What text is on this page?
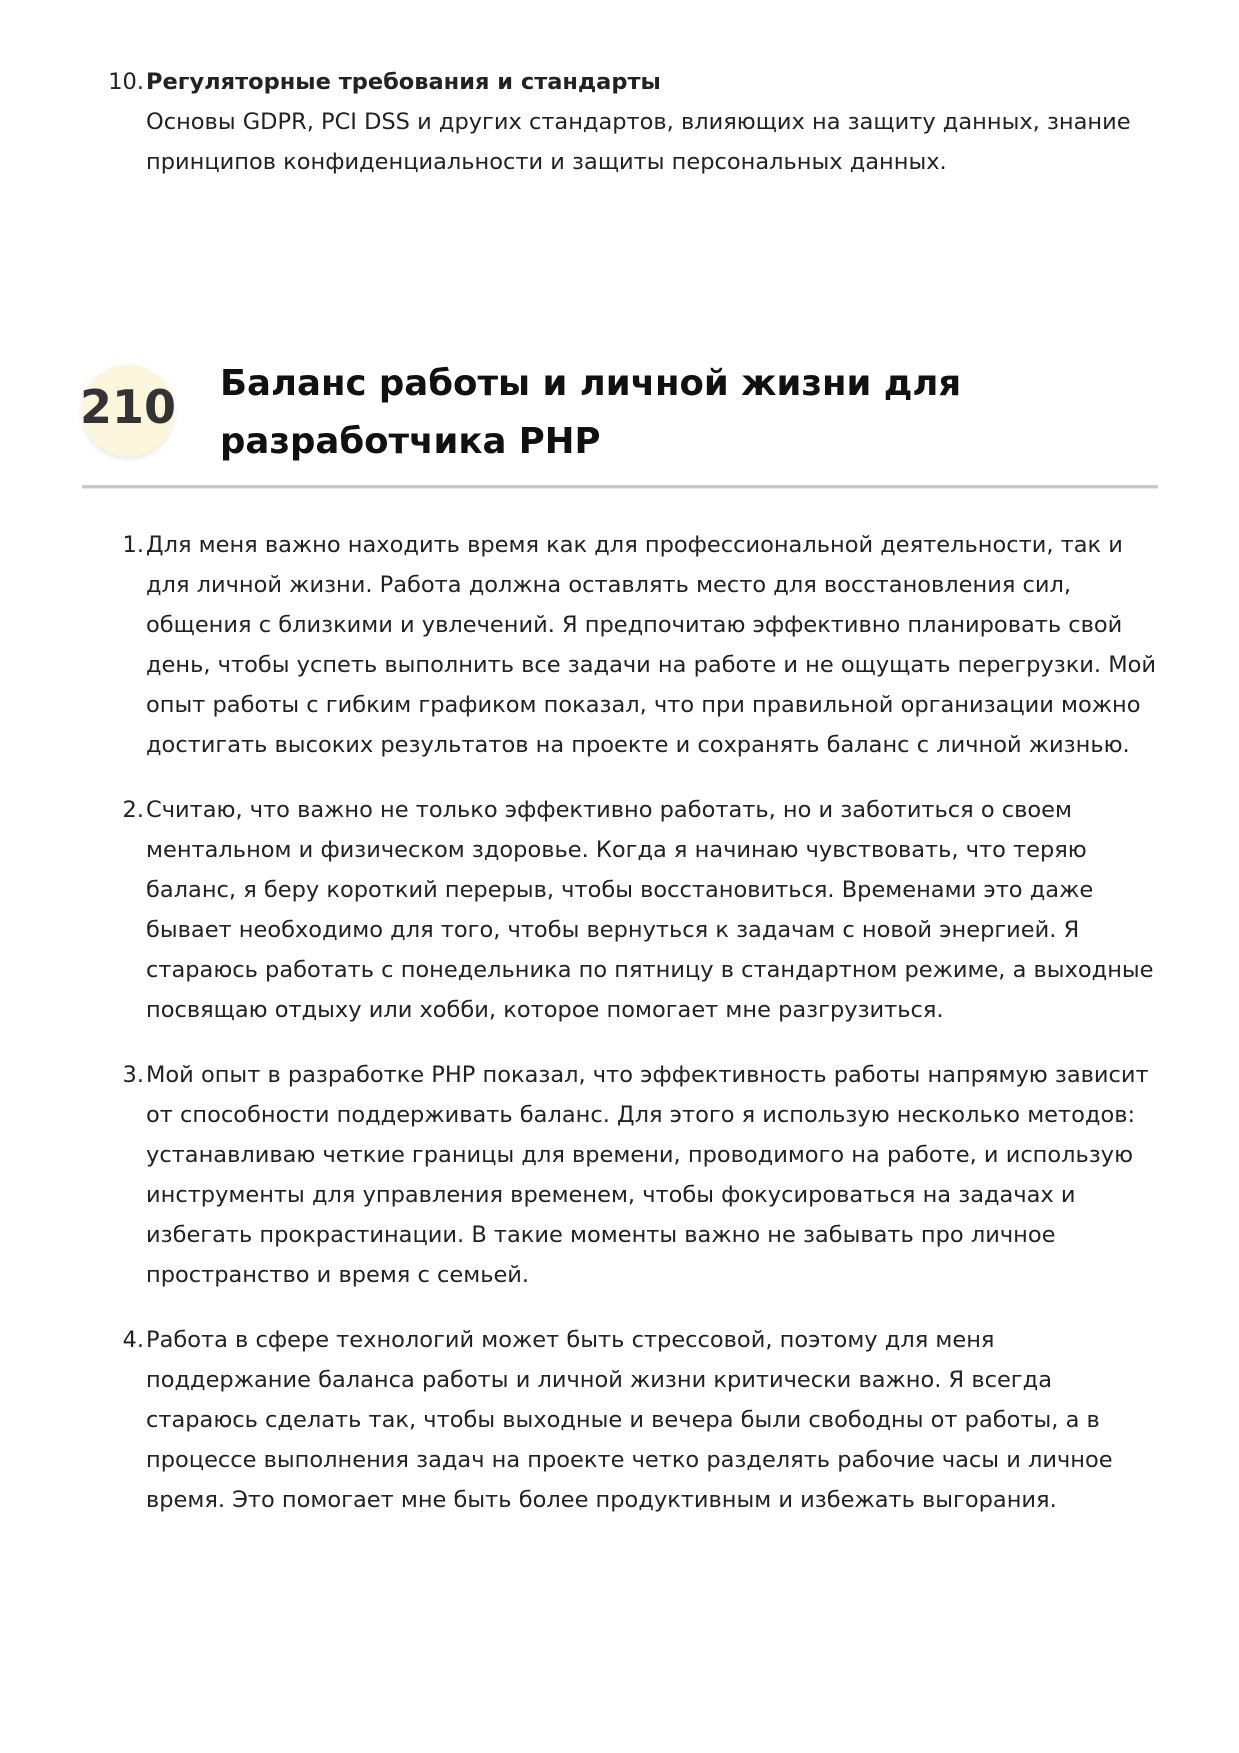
10. Регуляторные требования и стандарты
Основы GDPR, PCI DSS и других стандартов, влияющих на защиту данных, знание принципов конфиденциальности и защиты персональных данных.
210 Баланс работы и личной жизни для разработчика PHP
1. Для меня важно находить время как для профессиональной деятельности, так и для личной жизни. Работа должна оставлять место для восстановления сил, общения с близкими и увлечений. Я предпочитаю эффективно планировать свой день, чтобы успеть выполнить все задачи на работе и не ощущать перегрузки. Мой опыт работы с гибким графиком показал, что при правильной организации можно достигать высоких результатов на проекте и сохранять баланс с личной жизнью.
2. Считаю, что важно не только эффективно работать, но и заботиться о своем ментальном и физическом здоровье. Когда я начинаю чувствовать, что теряю баланс, я беру короткий перерыв, чтобы восстановиться. Временами это даже бывает необходимо для того, чтобы вернуться к задачам с новой энергией. Я стараюсь работать с понедельника по пятницу в стандартном режиме, а выходные посвящаю отдыху или хобби, которое помогает мне разгрузиться.
3. Мой опыт в разработке PHP показал, что эффективность работы напрямую зависит от способности поддерживать баланс. Для этого я использую несколько методов: устанавливаю четкие границы для времени, проводимого на работе, и использую инструменты для управления временем, чтобы фокусироваться на задачах и избегать прокрастинации. В такие моменты важно не забывать про личное пространство и время с семьей.
4. Работа в сфере технологий может быть стрессовой, поэтому для меня поддержание баланса работы и личной жизни критически важно. Я всегда стараюсь сделать так, чтобы выходные и вечера были свободны от работы, а в процессе выполнения задач на проекте четко разделять рабочие часы и личное время. Это помогает мне быть более продуктивным и избежать выгорания.
